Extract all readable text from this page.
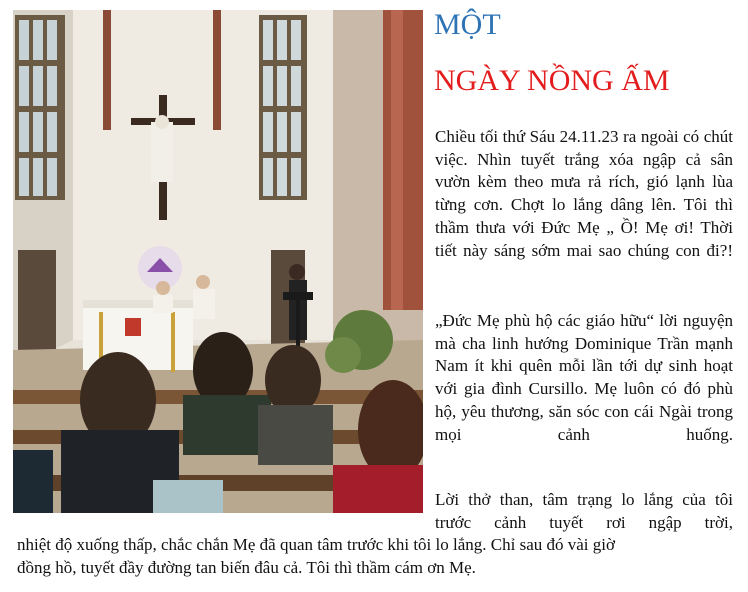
MỘT
NGÀY NỒNG ẤM

Chiều tối thứ Sáu 24.11.23 ra ngoài có chút việc. Nhìn tuyết trắng xóa ngập cả sân vườn kèm theo mưa rả rích, gió lạnh lùa từng cơn. Chợt lo lắng dâng lên. Tôi thì thầm thưa với Đức Mẹ „ Ồ! Mẹ ơi! Thời tiết này sáng sớm mai sao chúng con đi?!

„Đức Mẹ phù hộ các giáo hữu“ lời nguyện mà cha linh hướng Dominique Trần mạnh Nam ít khi quên mỗi lần tới dự sinh hoạt với gia đình Cursillo. Mẹ luôn có đó phù hộ, yêu thương, săn sóc con cái Ngài trong mọi cảnh huống.

Lời thở than, tâm trạng lo lắng của tôi trước cảnh tuyết rơi ngập trời,

nhiệt độ xuống thấp, chắc chắn Mẹ đã quan tâm trước khi tôi lo lắng. Chỉ sau đó vài giờ
đồng hồ, tuyết đầy đường tan biến đâu cả. Tôi thì thầm cám ơn Mẹ.
